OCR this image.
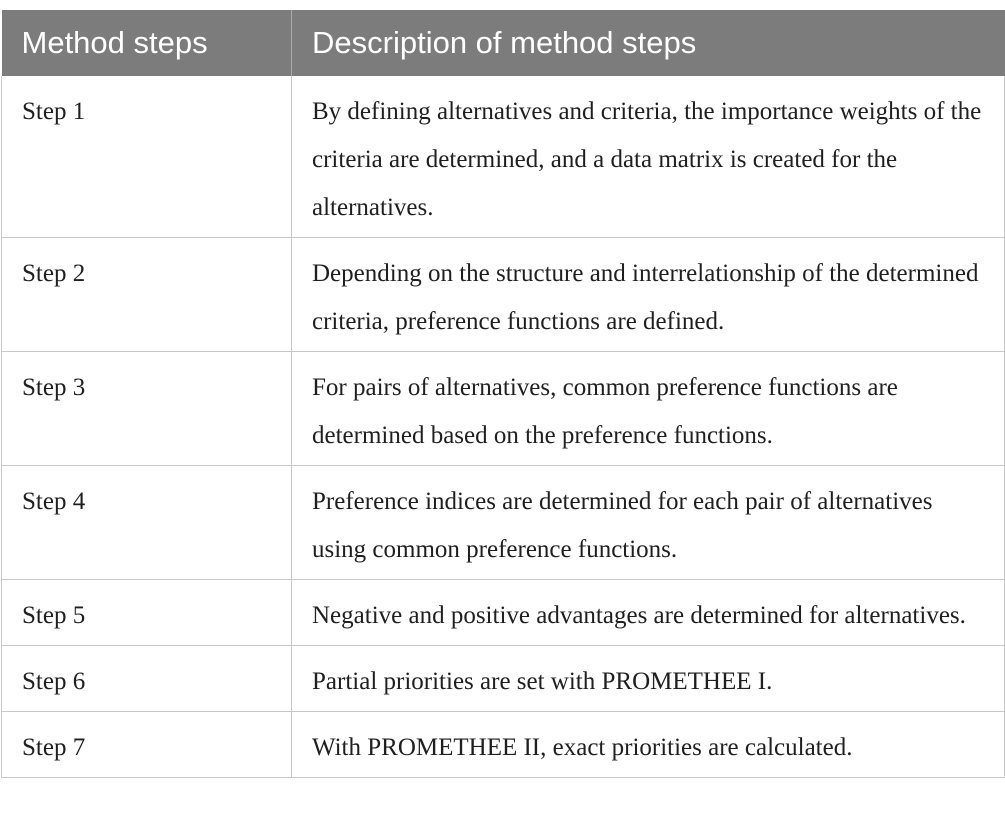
Method steps	Description of method steps
Step 1	By defining alternatives and criteria, the importance weights of the criteria are determined, and a data matrix is created for the alternatives.
Step 2	Depending on the structure and interrelationship of the determined criteria, preference functions are defined.
Step 3	For pairs of alternatives, common preference functions are determined based on the preference functions.
Step 4	Preference indices are determined for each pair of alternatives using common preference functions.
Step 5	Negative and positive advantages are determined for alternatives.
Step 6	Partial priorities are set with PROMETHEE I.
Step 7	With PROMETHEE II, exact priorities are calculated.
